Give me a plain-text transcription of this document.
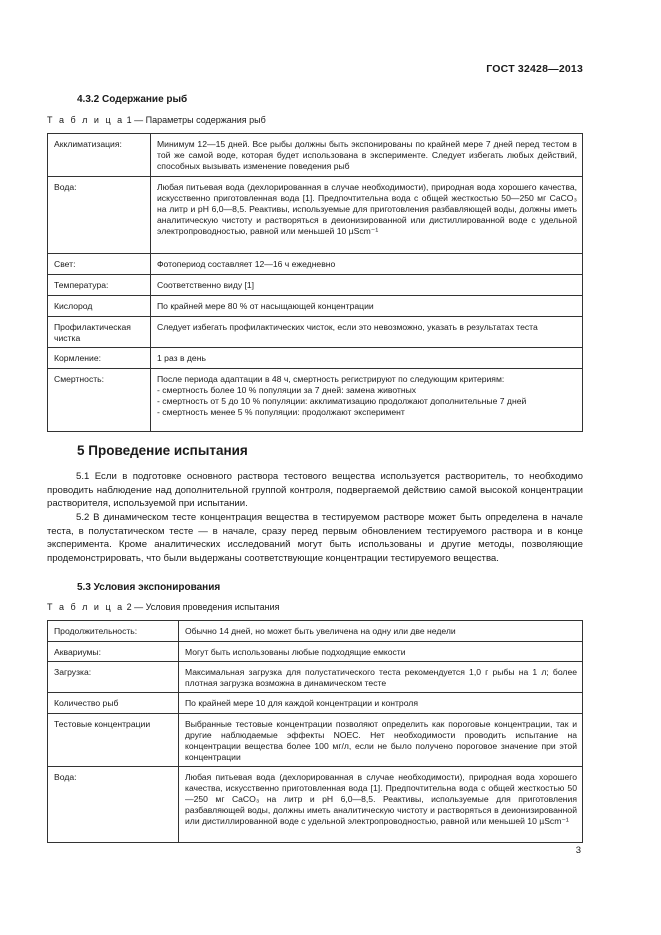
ГОСТ 32428—2013
4.3.2 Содержание рыб
Т а б л и ц а 1 — Параметры содержания рыб
Акклиматизация:	Минимум 12—15 дней. Все рыбы должны быть экспонированы по крайней мере 7 дней перед тестом в той же самой воде, которая будет использована в эксперименте. Следует избегать любых действий, способных вызывать изменение поведения рыб
Вода:	Любая питьевая вода (дехлорированная в случае необходимости), природная вода хорошего качества, искусственно приготовленная вода [1]. Предпочтительна вода с общей жесткостью 50—250 мг CaCO₃ на литр и pH 6,0—8,5. Реактивы, используемые для приготовления разбавляющей воды, должны иметь аналитическую чистоту и растворяться в деионизированной или дистиллированной воде с удельной электропроводностью, равной или меньшей 10 µScm⁻¹
Свет:	Фотопериод составляет 12—16 ч ежедневно
Температура:	Соответственно виду [1]
Кислород	По крайней мере 80 % от насыщающей концентрации
Профилактическая чистка	Следует избегать профилактических чисток, если это невозможно, указать в результатах теста
Кормление:	1 раз в день
Смертность:	После периода адаптации в 48 ч, смертность регистрируют по следующим критериям:
- смертность более 10 % популяции за 7 дней: замена животных
- смертность от 5 до 10 % популяции: акклиматизацию продолжают дополнительные 7 дней
- смертность менее 5 % популяции: продолжают эксперимент
5 Проведение испытания
5.1 Если в подготовке основного раствора тестового вещества используется растворитель, то необходимо проводить наблюдение над дополнительной группой контроля, подвергаемой действию самой высокой концентрации растворителя, используемой при испытании.
5.2 В динамическом тесте концентрация вещества в тестируемом растворе может быть определена в начале теста, в полустатическом тесте — в начале, сразу перед первым обновлением тестируемого раствора и в конце эксперимента. Кроме аналитических исследований могут быть использованы и другие методы, позволяющие продемонстрировать, что были выдержаны соответствующие концентрации тестируемого вещества.
5.3 Условия экспонирования
Т а б л и ц а 2 — Условия проведения испытания
Продолжительность:	Обычно 14 дней, но может быть увеличена на одну или две недели
Аквариумы:	Могут быть использованы любые подходящие емкости
Загрузка:	Максимальная загрузка для полустатического теста рекомендуется 1,0 г рыбы на 1 л; более плотная загрузка возможна в динамическом тесте
Количество рыб	По крайней мере 10 для каждой концентрации и контроля
Тестовые концентрации	Выбранные тестовые концентрации позволяют определить как пороговые концентрации, так и другие наблюдаемые эффекты NOEC. Нет необходимости проводить испытание на концентрации вещества более 100 мг/л, если не было получено пороговое значение при этой концентрации
Вода:	Любая питьевая вода (дехлорированная в случае необходимости), природная вода хорошего качества, искусственно приготовленная вода [1]. Предпочтительна вода с общей жесткостью 50—250 мг CaCO₃ на литр и pH 6,0—8,5. Реактивы, используемые для приготовления разбавляющей воды, должны иметь аналитическую чистоту и растворяться в деионизированной или дистиллированной воде с удельной электропроводностью, равной или меньшей 10 µScm⁻¹
3
